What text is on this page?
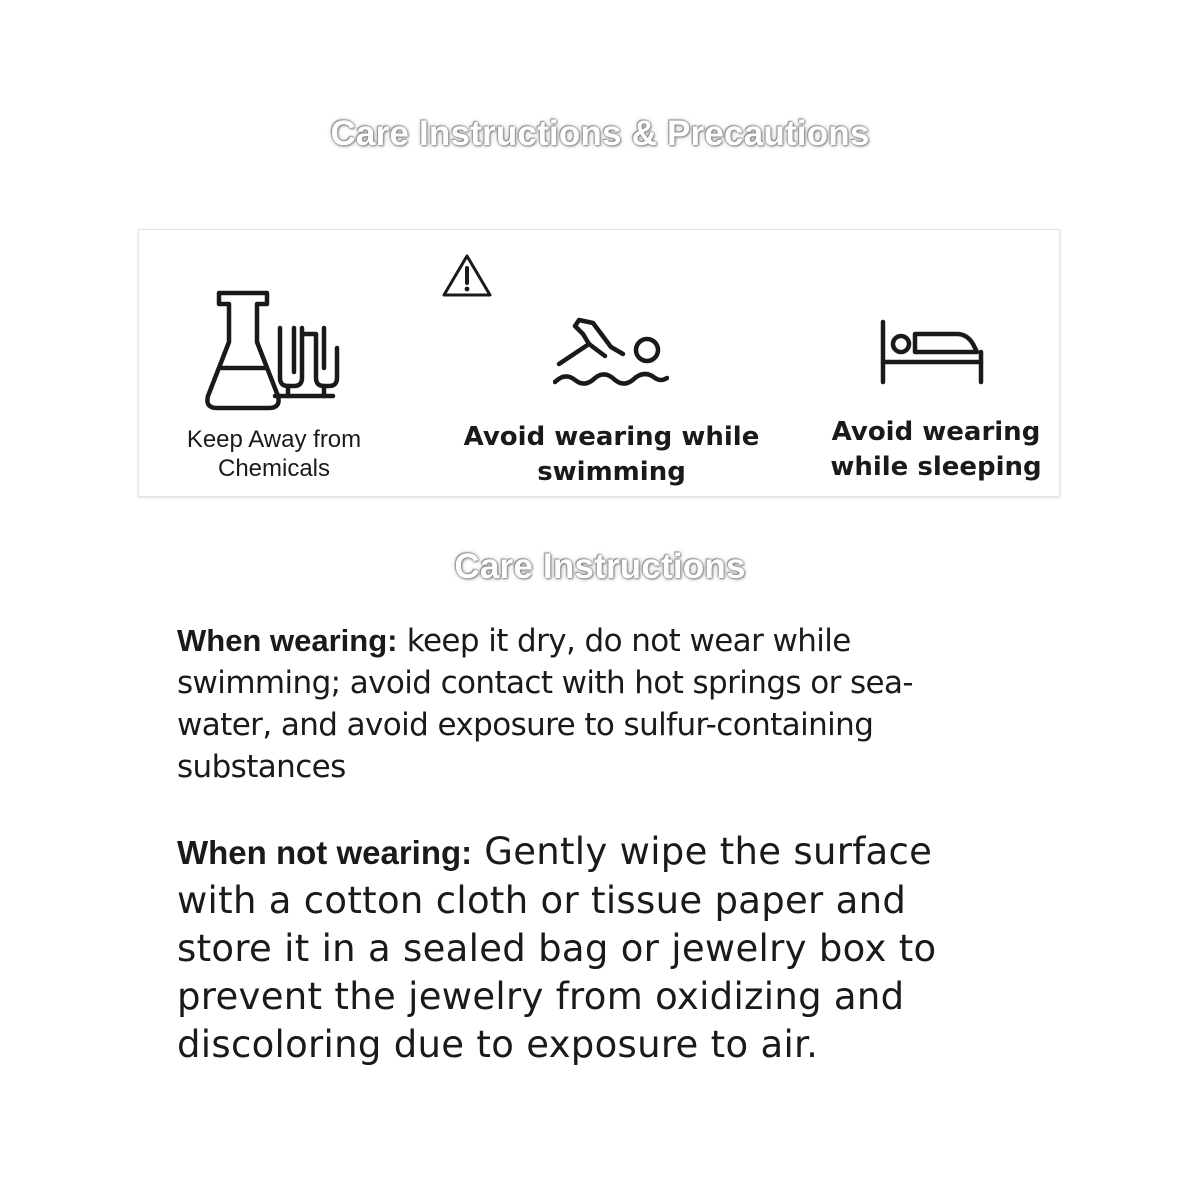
Care Instructions & Precautions
Keep Away from
Chemicals
Avoid wearing while
swimming
Avoid wearing
while sleeping
Care Instructions
When wearing: keep it dry, do not wear while
swimming; avoid contact with hot springs or sea-
water, and avoid exposure to sulfur-containing
substances
When not wearing: Gently wipe the surface
with a cotton cloth or tissue paper and
store it in a sealed bag or jewelry box to
prevent the jewelry from oxidizing and
discoloring due to exposure to air.
